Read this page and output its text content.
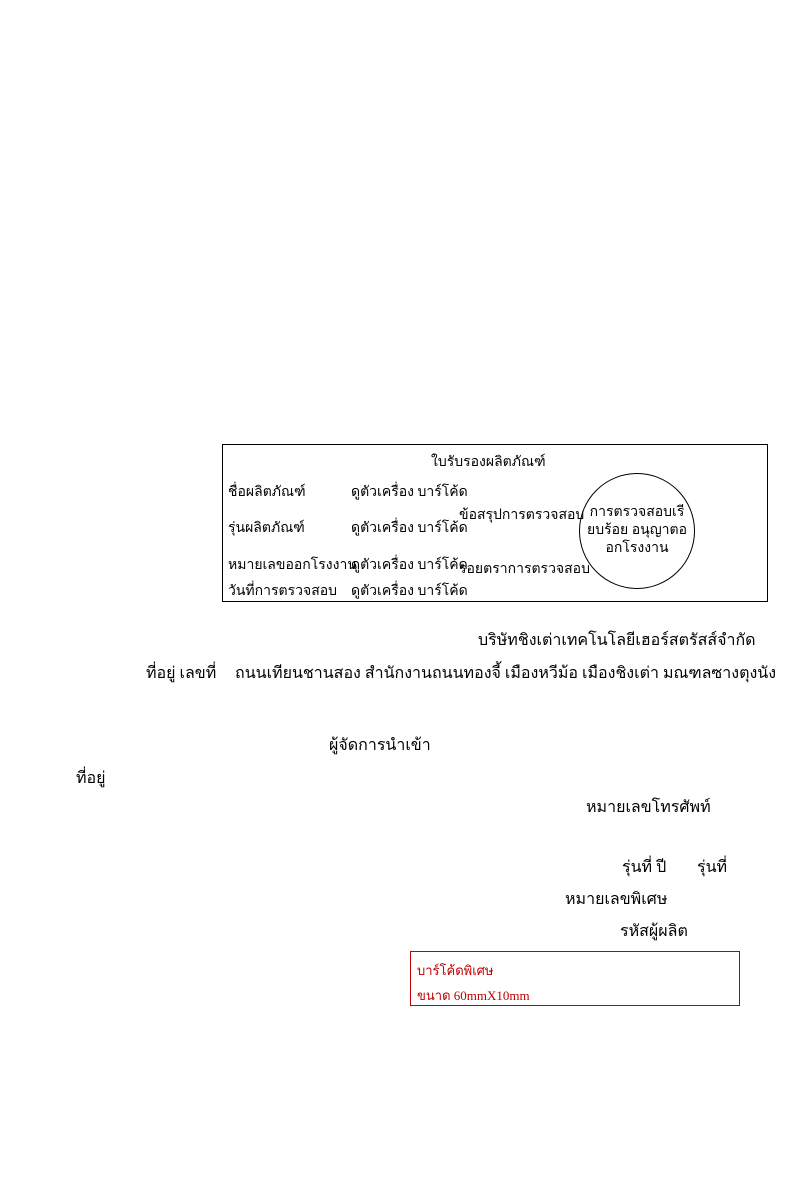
ใบรับรองผลิตภัณฑ์
ชื่อผลิตภัณฑ์	ดูตัวเครื่อง บาร์โค้ด
รุ่นผลิตภัณฑ์	ดูตัวเครื่อง บาร์โค้ด
หมายเลขออกโรงงาน
ดูตัวเครื่อง บาร์โค้ด
วันที่การตรวจสอบ ดูตัวเครื่อง บาร์โค้ด
ข้อสรุปการตรวจสอบ
รอยตราการตรวจสอบ
การตรวจสอบเรียบร้อย อนุญาตออกโรงงาน
บริษัทชิงเต่าเทคโนโลยีเฮอร์สตรัสส์จำกัด
ที่อยู่ เลขที่ ถนนเทียนชานสอง สำนักงานถนนทองจี้ เมืองหวีม้อ เมืองชิงเต่า มณฑลซางตุงนัง
ผู้จัดการนำเข้า
ที่อยู่
หมายเลขโทรศัพท์
รุ่นที่ ปี รุ่นที่
หมายเลขพิเศษ
รหัสผู้ผลิต
บาร์โค้ดพิเศษ
ขนาด 60mmX10mm
